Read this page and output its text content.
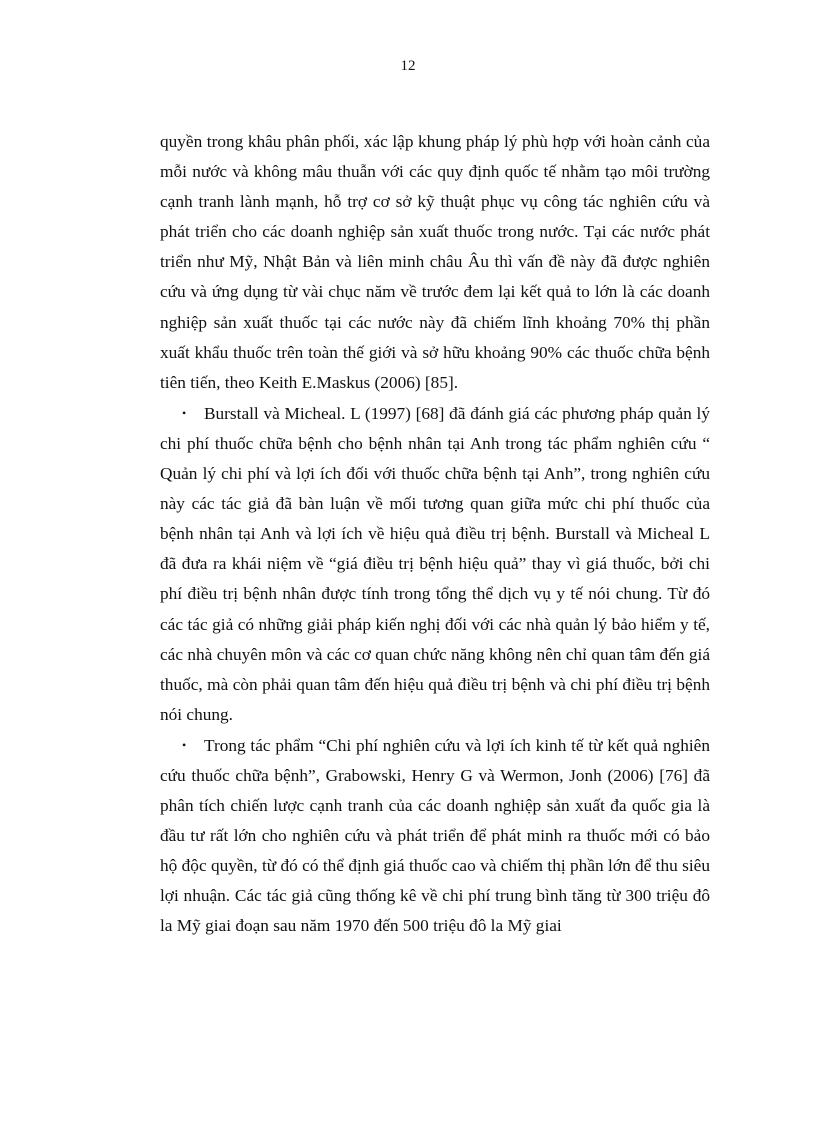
12

quyền trong khâu phân phối, xác lập khung pháp lý phù hợp với hoàn cảnh của mỗi nước và không mâu thuẫn với các quy định quốc tế nhằm tạo môi trường cạnh tranh lành mạnh, hỗ trợ cơ sở kỹ thuật phục vụ công tác nghiên cứu và phát triển cho các doanh nghiệp sản xuất thuốc trong nước. Tại các nước phát triển như Mỹ, Nhật Bản và liên minh châu Âu thì vấn đề này đã được nghiên cứu và ứng dụng từ vài chục năm về trước đem lại kết quả to lớn là các doanh nghiệp sản xuất thuốc tại các nước này đã chiếm lĩnh khoảng 70% thị phần xuất khẩu thuốc trên toàn thế giới và sở hữu khoảng 90% các thuốc chữa bệnh tiên tiến, theo Keith E.Maskus (2006) [85].

• Burstall và Micheal. L (1997) [68] đã đánh giá các phương pháp quản lý chi phí thuốc chữa bệnh cho bệnh nhân tại Anh trong tác phẩm nghiên cứu “ Quản lý chi phí và lợi ích đối với thuốc chữa bệnh tại Anh”, trong nghiên cứu này các tác giả đã bàn luận về mối tương quan giữa mức chi phí thuốc của bệnh nhân tại Anh và lợi ích về hiệu quả điều trị bệnh. Burstall và Micheal L đã đưa ra khái niệm về “giá điều trị bệnh hiệu quả” thay vì giá thuốc, bởi chi phí điều trị bệnh nhân được tính trong tổng thể dịch vụ y tế nói chung. Từ đó các tác giả có những giải pháp kiến nghị đối với các nhà quản lý bảo hiểm y tế, các nhà chuyên môn và các cơ quan chức năng không nên chỉ quan tâm đến giá thuốc, mà còn phải quan tâm đến hiệu quả điều trị bệnh và chi phí điều trị bệnh nói chung.

• Trong tác phẩm “Chi phí nghiên cứu và lợi ích kinh tế từ kết quả nghiên cứu thuốc chữa bệnh”, Grabowski, Henry G và Wermon, Jonh (2006) [76] đã phân tích chiến lược cạnh tranh của các doanh nghiệp sản xuất đa quốc gia là đầu tư rất lớn cho nghiên cứu và phát triển để phát minh ra thuốc mới có bảo hộ độc quyền, từ đó có thể định giá thuốc cao và chiếm thị phần lớn để thu siêu lợi nhuận. Các tác giả cũng thống kê về chi phí trung bình tăng từ 300 triệu đô la Mỹ giai đoạn sau năm 1970 đến 500 triệu đô la Mỹ giai
